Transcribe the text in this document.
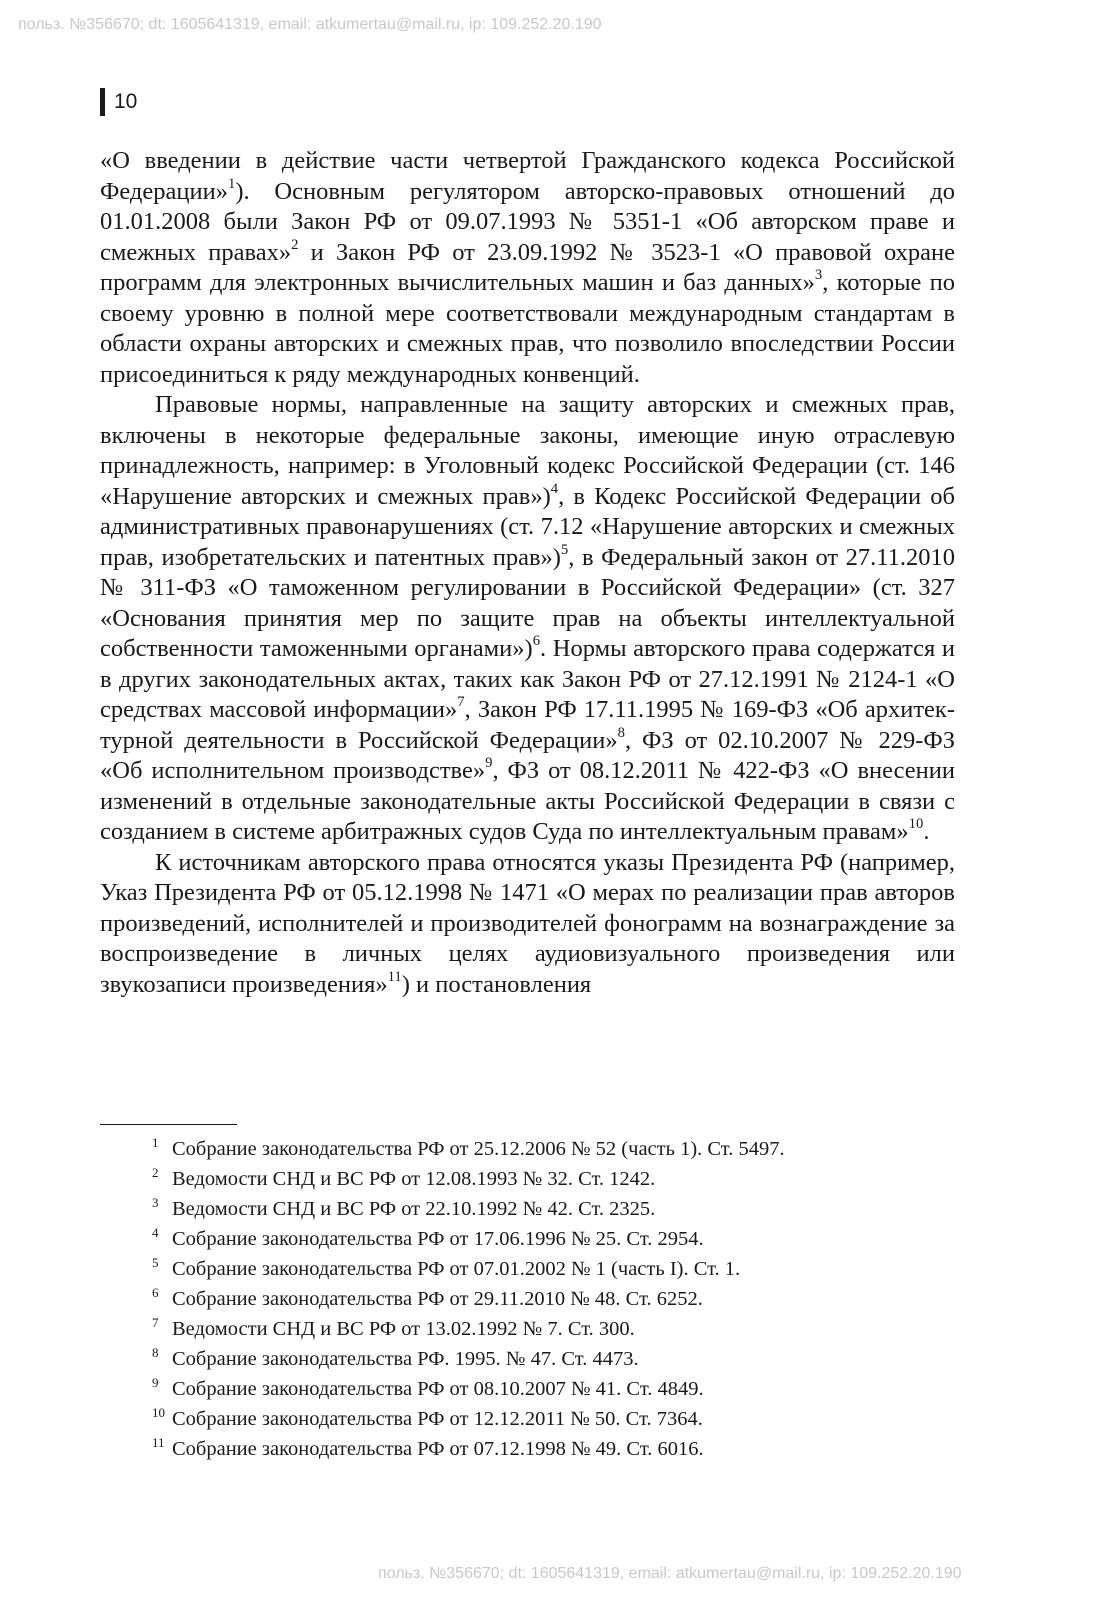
польз. №356670; dt: 1605641319, email: atkumertau@mail.ru, ip: 109.252.20.190
10

«О введении в действие части четвертой Гражданского кодекса Российской Федерации»$^1$). Основным регулятором авторско-правовых отношений до 01.01.2008 были Закон РФ от 09.07.1993 № 5351-1 «Об авторском праве и смежных правах»$^2$ и Закон РФ от 23.09.1992 № 3523-1 «О правовой охране программ для электронных вычислительных машин и баз данных»$^3$, которые по своему уровню в полной мере соответствовали международным стандартам в области охраны авторских и смежных прав, что позволило впоследствии России присоединиться к ряду международных конвенций.

Правовые нормы, направленные на защиту авторских и смежных прав, включены в некоторые федеральные законы, имеющие иную отраслевую принадлежность, например: в Уголовный кодекс Российской Федерации (ст. 146 «Нарушение авторских и смежных прав»)$^4$, в Кодекс Российской Федерации об административных правонарушениях (ст. 7.12 «Нарушение авторских и смежных прав, изобретательских и патентных прав»)$^5$, в Федеральный закон от 27.11.2010 № 311-ФЗ «О таможенном регулировании в Российской Федерации» (ст. 327 «Основания принятия мер по защите прав на объекты интеллектуальной собственности таможенными органами»)$^6$. Нормы авторского права содержатся и в других законодательных актах, таких как Закон РФ от 27.12.1991 № 2124-1 «О средствах массовой информации»$^7$, Закон РФ 17.11.1995 № 169-ФЗ «Об архитектурной деятельности в Российской Федерации»$^8$, ФЗ от 02.10.2007 № 229-ФЗ «Об исполнительном производстве»$^9$, ФЗ от 08.12.2011 № 422-ФЗ «О внесении изменений в отдельные законодательные акты Российской Федерации в связи с созданием в системе арбитражных судов Суда по интеллектуальным правам»$^{10}$.

К источникам авторского права относятся указы Президента РФ (например, Указ Президента РФ от 05.12.1998 № 1471 «О мерах по реализации прав авторов произведений, исполнителей и производителей фонограмм на вознаграждение за воспроизведение в личных целях аудиовизуального произведения или звукозаписи произведения»$^{11}$) и постановления

1 Собрание законодательства РФ от 25.12.2006 № 52 (часть 1). Ст. 5497.
2 Ведомости СНД и ВС РФ от 12.08.1993 № 32. Ст. 1242.
3 Ведомости СНД и ВС РФ от 22.10.1992 № 42. Ст. 2325.
4 Собрание законодательства РФ от 17.06.1996 № 25. Ст. 2954.
5 Собрание законодательства РФ от 07.01.2002 № 1 (часть I). Ст. 1.
6 Собрание законодательства РФ от 29.11.2010 № 48. Ст. 6252.
7 Ведомости СНД и ВС РФ от 13.02.1992 № 7. Ст. 300.
8 Собрание законодательства РФ. 1995. № 47. Ст. 4473.
9 Собрание законодательства РФ от 08.10.2007 № 41. Ст. 4849.
10 Собрание законодательства РФ от 12.12.2011 № 50. Ст. 7364.
11 Собрание законодательства РФ от 07.12.1998 № 49. Ст. 6016.
польз. №356670; dt: 1605641319, email: atkumertau@mail.ru, ip: 109.252.20.190
